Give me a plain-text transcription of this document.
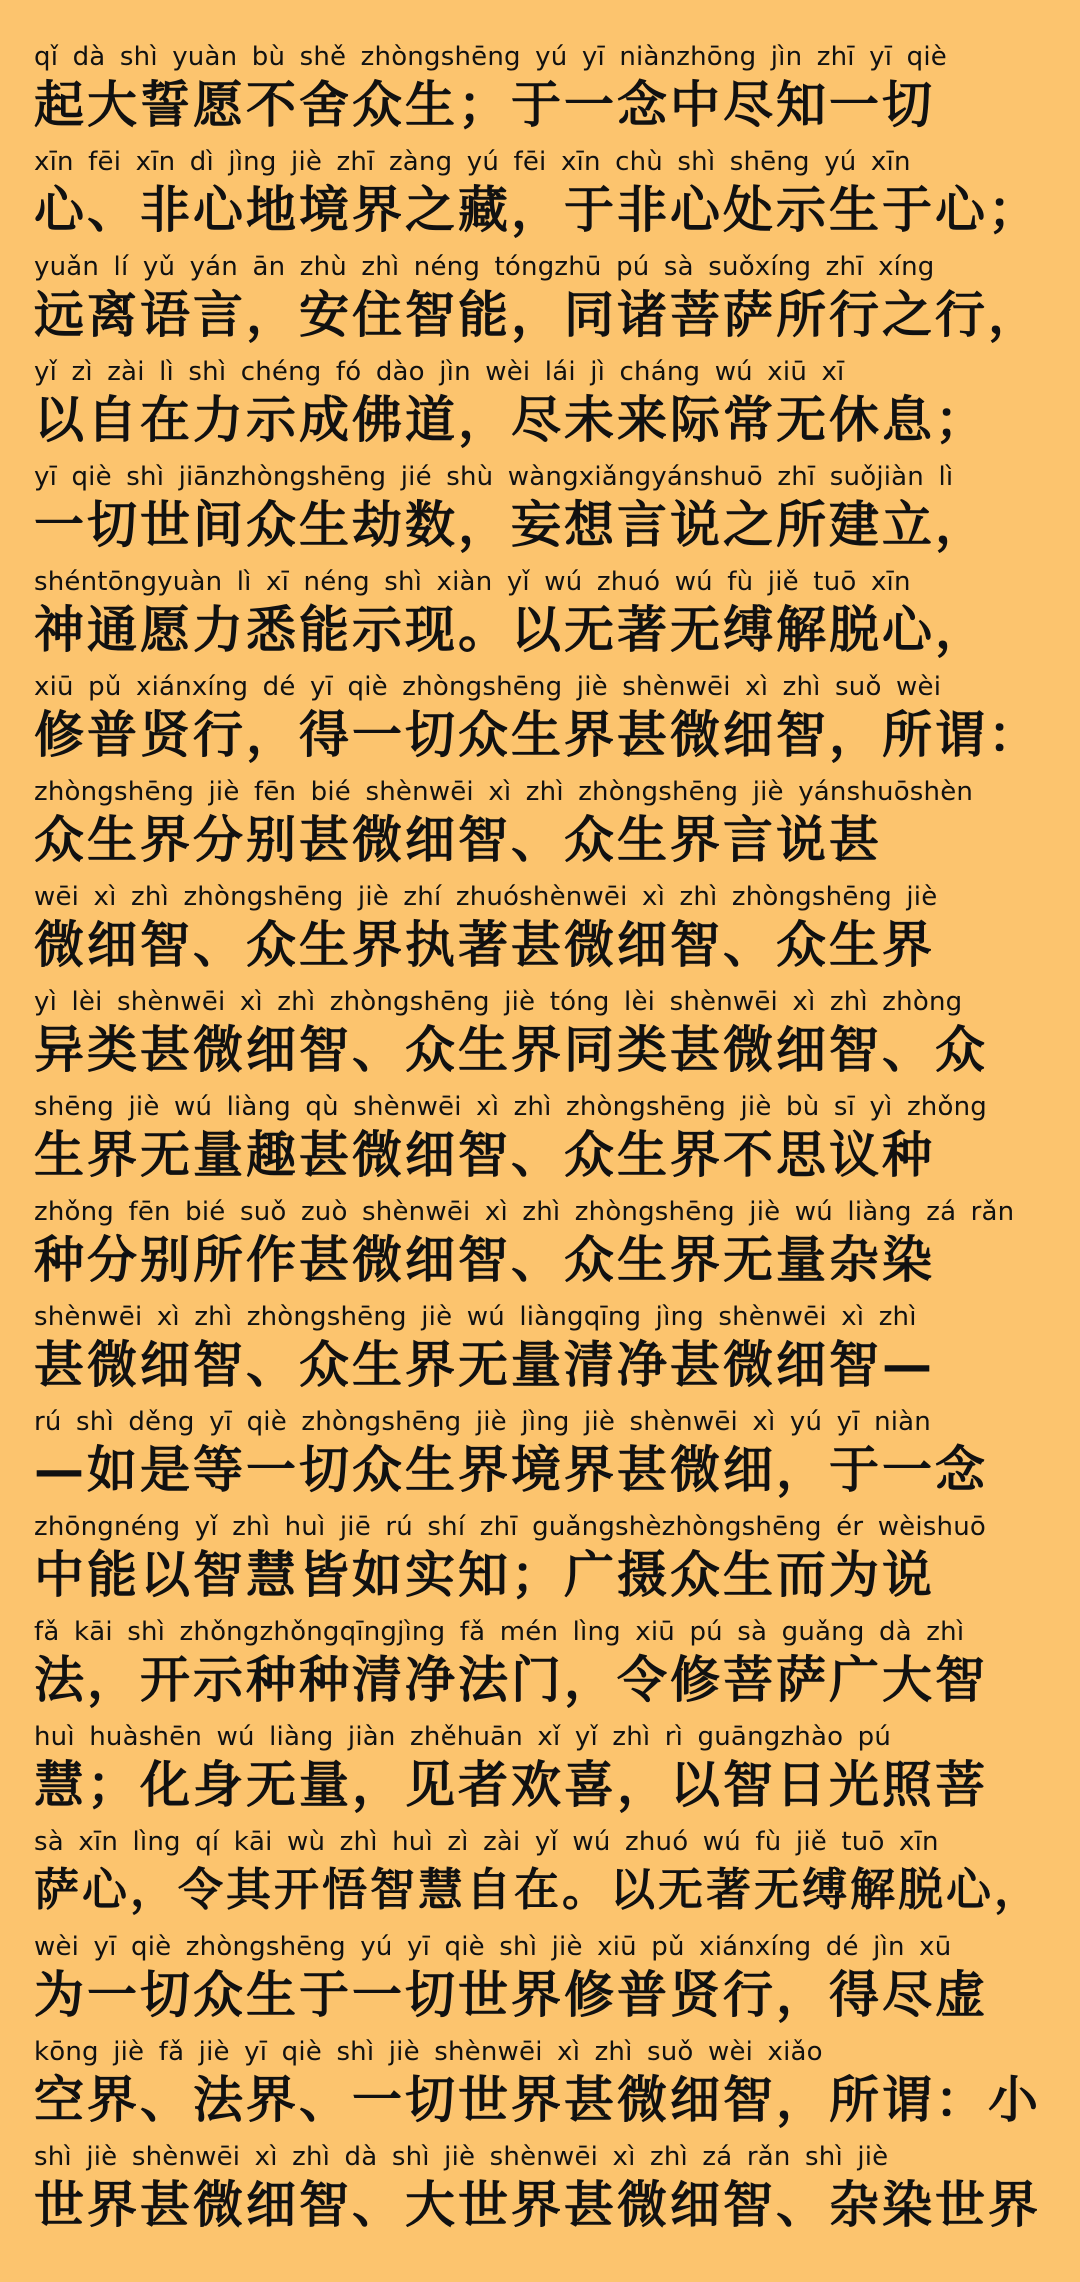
qǐ dà shì yuàn bù shě zhòngshēng yú yī niànzhōng jìn zhī yī qiè
起大誓愿不舍众生；于一念中尽知一切
xīn fēi xīn dì jìng jiè zhī zàng yú fēi xīn chù shì shēng yú xīn
心、非心地境界之藏，于非心处示生于心；
yuǎn lí yǔ yán ān zhù zhì néng tóngzhū pú sà suǒxíng zhī xíng
远离语言，安住智能，同诸菩萨所行之行，
yǐ zì zài lì shì chéng fó dào jìn wèi lái jì cháng wú xiū xī
以自在力示成佛道，尽未来际常无休息；
yī qiè shì jiānzhòngshēng jié shù wàngxiǎngyánshuō zhī suǒjiàn lì
一切世间众生劫数，妄想言说之所建立，
shéntōngyuàn lì xī néng shì xiàn yǐ wú zhuó wú fù jiě tuō xīn
神通愿力悉能示现。以无著无缚解脱心，
xiū pǔ xiánxíng dé yī qiè zhòngshēng jiè shènwēi xì zhì suǒ wèi
修普贤行，得一切众生界甚微细智，所谓：
zhòngshēng jiè fēn bié shènwēi xì zhì zhòngshēng jiè yánshuōshèn
众生界分别甚微细智、众生界言说甚
wēi xì zhì zhòngshēng jiè zhí zhuóshènwēi xì zhì zhòngshēng jiè
微细智、众生界执著甚微细智、众生界
yì lèi shènwēi xì zhì zhòngshēng jiè tóng lèi shènwēi xì zhì zhòng
异类甚微细智、众生界同类甚微细智、众
shēng jiè wú liàng qù shènwēi xì zhì zhòngshēng jiè bù sī yì zhǒng
生界无量趣甚微细智、众生界不思议种
zhǒng fēn bié suǒ zuò shènwēi xì zhì zhòngshēng jiè wú liàng zá rǎn
种分别所作甚微细智、众生界无量杂染
shènwēi xì zhì zhòngshēng jiè wú liàngqīng jìng shènwēi xì zhì
甚微细智、众生界无量清净甚微细智—
rú shì děng yī qiè zhòngshēng jiè jìng jiè shènwēi xì yú yī niàn
—如是等一切众生界境界甚微细，于一念
zhōngnéng yǐ zhì huì jiē rú shí zhī guǎngshèzhòngshēng ér wèishuō
中能以智慧皆如实知；广摄众生而为说
fǎ kāi shì zhǒngzhǒngqīngjìng fǎ mén lìng xiū pú sà guǎng dà zhì
法，开示种种清净法门，令修菩萨广大智
huì huàshēn wú liàng jiàn zhěhuān xǐ yǐ zhì rì guāngzhào pú
慧；化身无量，见者欢喜，以智日光照菩
sà xīn lìng qí kāi wù zhì huì zì zài yǐ wú zhuó wú fù jiě tuō xīn
萨心，令其开悟智慧自在。以无著无缚解脱心，
wèi yī qiè zhòngshēng yú yī qiè shì jiè xiū pǔ xiánxíng dé jìn xū
为一切众生于一切世界修普贤行，得尽虚
kōng jiè fǎ jiè yī qiè shì jiè shènwēi xì zhì suǒ wèi xiǎo
空界、法界、一切世界甚微细智，所谓：小
shì jiè shènwēi xì zhì dà shì jiè shènwēi xì zhì zá rǎn shì jiè
世界甚微细智、大世界甚微细智、杂染世界
